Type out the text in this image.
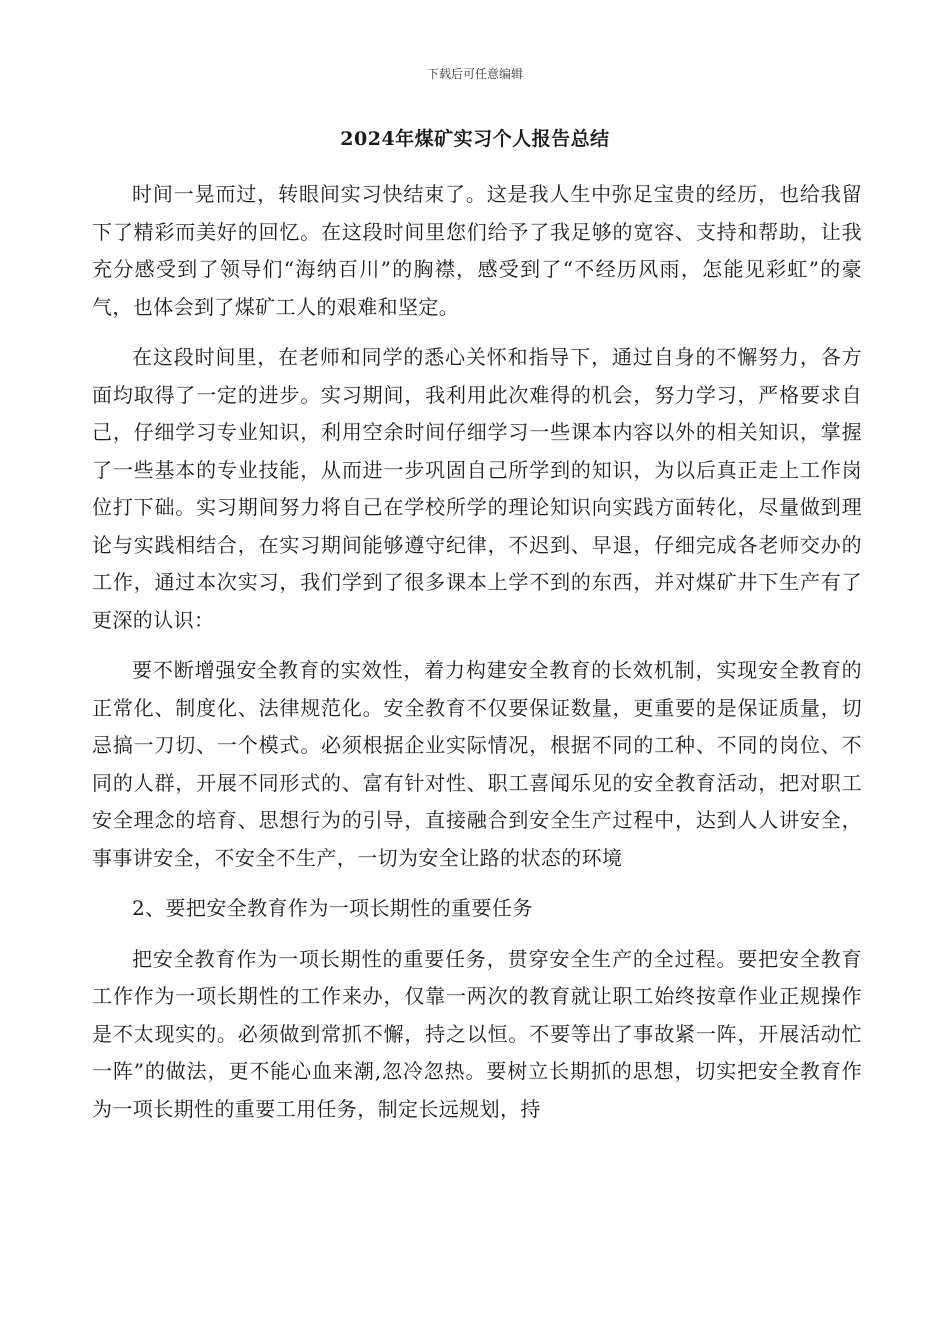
下载后可任意编辑
2024年煤矿实习个人报告总结

时间一晃而过，转眼间实习快结束了。这是我人生中弥足宝贵的经历，也给我留下了精彩而美好的回忆。在这段时间里您们给予了我足够的宽容、支持和帮助，让我充分感受到了领导们“海纳百川”的胸襟，感受到了“不经历风雨，怎能见彩虹”的豪气，也体会到了煤矿工人的艰难和坚定。

在这段时间里，在老师和同学的悉心关怀和指导下，通过自身的不懈努力，各方面均取得了一定的进步。实习期间，我利用此次难得的机会，努力学习，严格要求自己，仔细学习专业知识，利用空余时间仔细学习一些课本内容以外的相关知识，掌握了一些基本的专业技能，从而进一步巩固自己所学到的知识，为以后真正走上工作岗位打下础。实习期间努力将自己在学校所学的理论知识向实践方面转化，尽量做到理论与实践相结合，在实习期间能够遵守纪律，不迟到、早退，仔细完成各老师交办的工作，通过本次实习，我们学到了很多课本上学不到的东西，并对煤矿井下生产有了更深的认识：

要不断增强安全教育的实效性，着力构建安全教育的长效机制，实现安全教育的正常化、制度化、法律规范化。安全教育不仅要保证数量，更重要的是保证质量，切忌搞一刀切、一个模式。必须根据企业实际情况，根据不同的工种、不同的岗位、不同的人群，开展不同形式的、富有针对性、职工喜闻乐见的安全教育活动，把对职工安全理念的培育、思想行为的引导，直接融合到安全生产过程中，达到人人讲安全，事事讲安全，不安全不生产，一切为安全让路的状态的环境

2、要把安全教育作为一项长期性的重要任务

把安全教育作为一项长期性的重要任务，贯穿安全生产的全过程。要把安全教育工作作为一项长期性的工作来办，仅靠一两次的教育就让职工始终按章作业正规操作是不太现实的。必须做到常抓不懈，持之以恒。不要等出了事故紧一阵，开展活动忙一阵”的做法，更不能心血来潮,忽冷忽热。要树立长期抓的思想，切实把安全教育作为一项长期性的重要工用任务，制定长远规划，持
